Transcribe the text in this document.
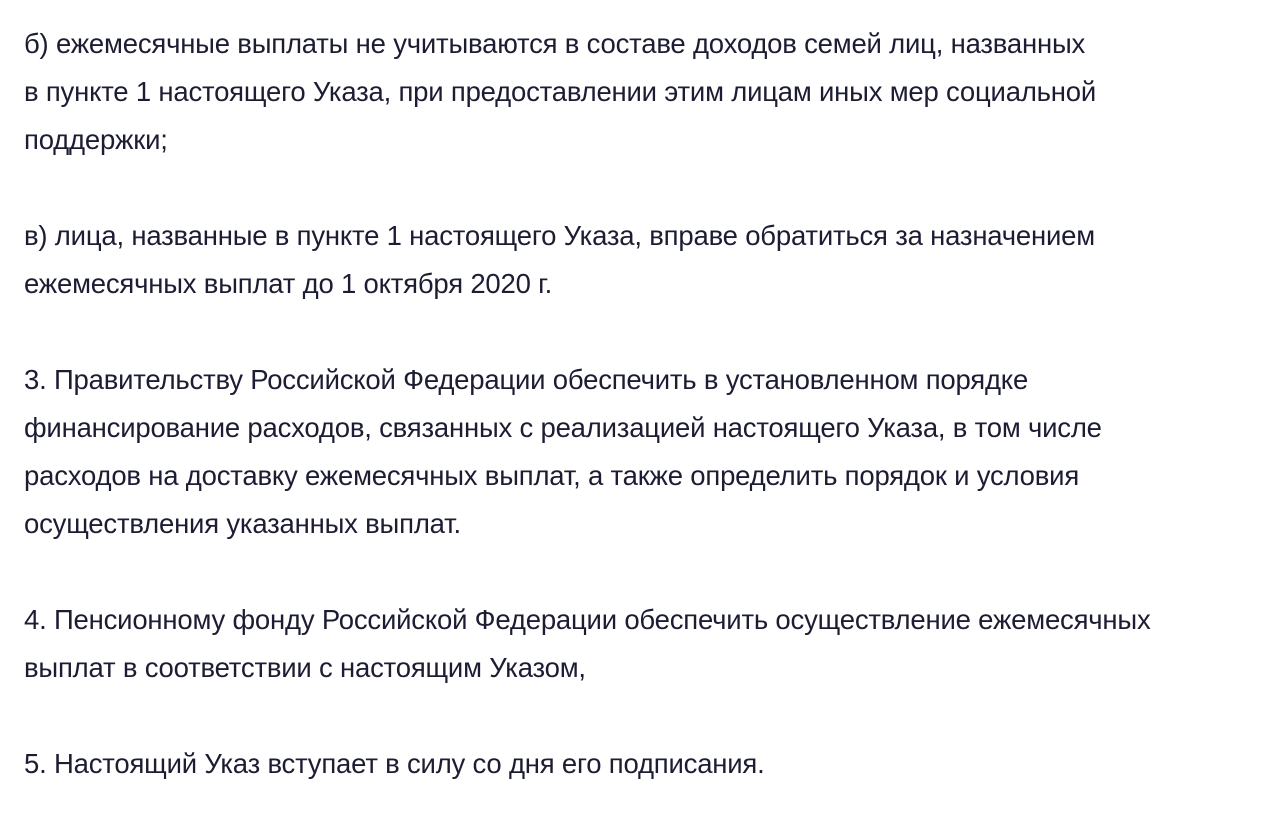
б) ежемесячные выплаты не учитываются в составе доходов семей лиц, названных
в пункте 1 настоящего Указа, при предоставлении этим лицам иных мер социальной
поддержки;

в) лица, названные в пункте 1 настоящего Указа, вправе обратиться за назначением
ежемесячных выплат до 1 октября 2020 г.

3. Правительству Российской Федерации обеспечить в установленном порядке
финансирование расходов, связанных с реализацией настоящего Указа, в том числе
расходов на доставку ежемесячных выплат, а также определить порядок и условия
осуществления указанных выплат.

4. Пенсионному фонду Российской Федерации обеспечить осуществление ежемесячных
выплат в соответствии с настоящим Указом,

5. Настоящий Указ вступает в силу со дня его подписания.
